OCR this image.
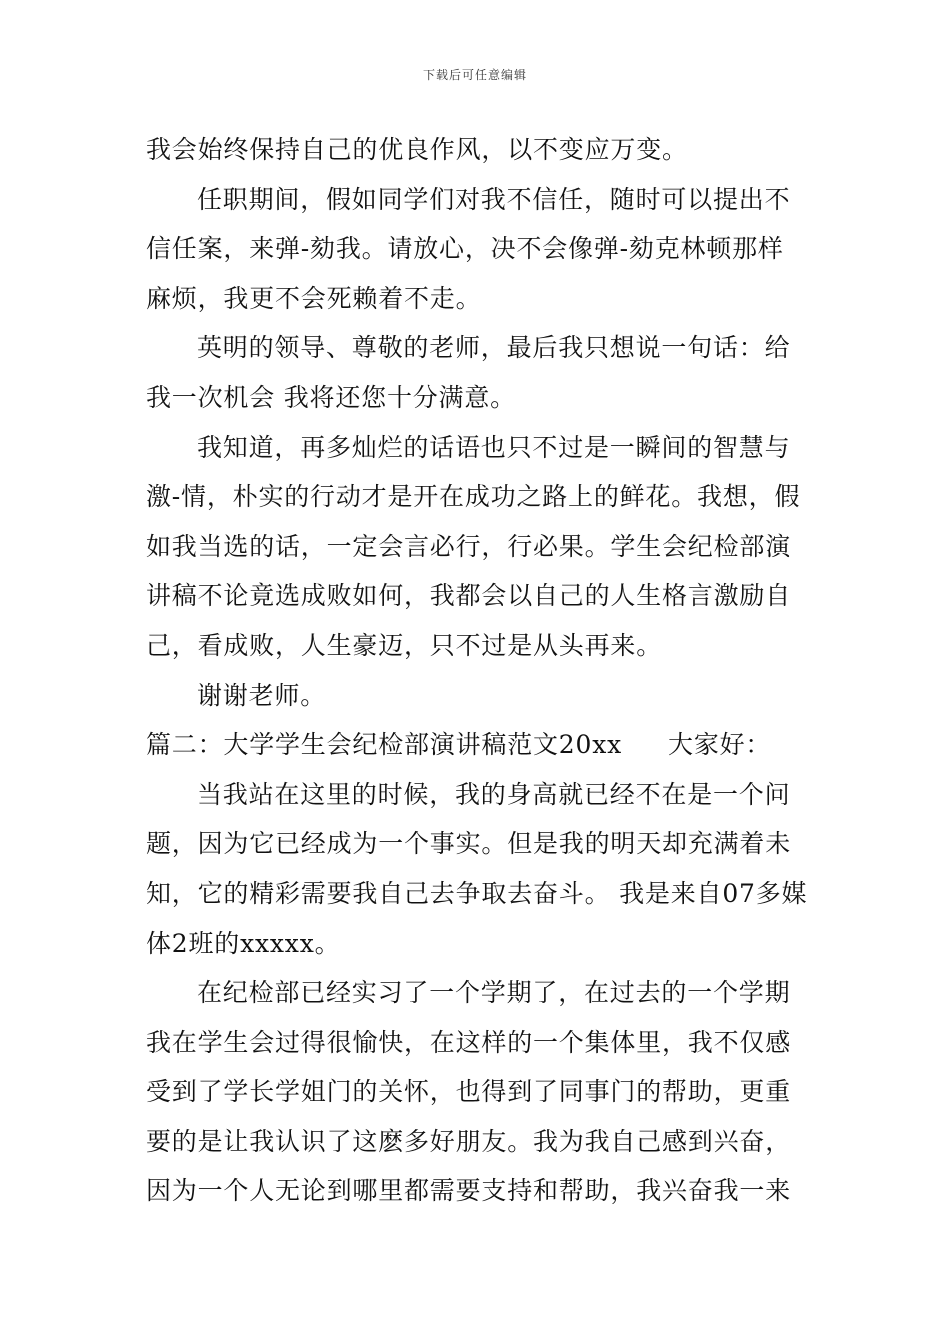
下载后可任意编辑
我会始终保持自己的优良作风，以不变应万变。
任职期间，假如同学们对我不信任，随时可以提出不
信任案，来弹-劾我。请放心，决不会像弹-劾克林顿那样
麻烦，我更不会死赖着不走。
英明的领导、尊敬的老师，最后我只想说一句话：给
我一次机会 我将还您十分满意。
我知道，再多灿烂的话语也只不过是一瞬间的智慧与
激-情，朴实的行动才是开在成功之路上的鲜花。我想，假
如我当选的话，一定会言必行，行必果。学生会纪检部演
讲稿不论竟选成败如何，我都会以自己的人生格言激励自
己，看成败，人生豪迈，只不过是从头再来。
谢谢老师。
篇二：大学学生会纪检部演讲稿范文20xx 大家好：
当我站在这里的时候，我的身高就已经不在是一个问
题，因为它已经成为一个事实。但是我的明天却充满着未
知，它的精彩需要我自己去争取去奋斗。 我是来自07多媒
体2班的xxxxx。
在纪检部已经实习了一个学期了，在过去的一个学期
我在学生会过得很愉快，在这样的一个集体里，我不仅感
受到了学长学姐门的关怀，也得到了同事门的帮助，更重
要的是让我认识了这麽多好朋友。我为我自己感到兴奋，
因为一个人无论到哪里都需要支持和帮助，我兴奋我一来
